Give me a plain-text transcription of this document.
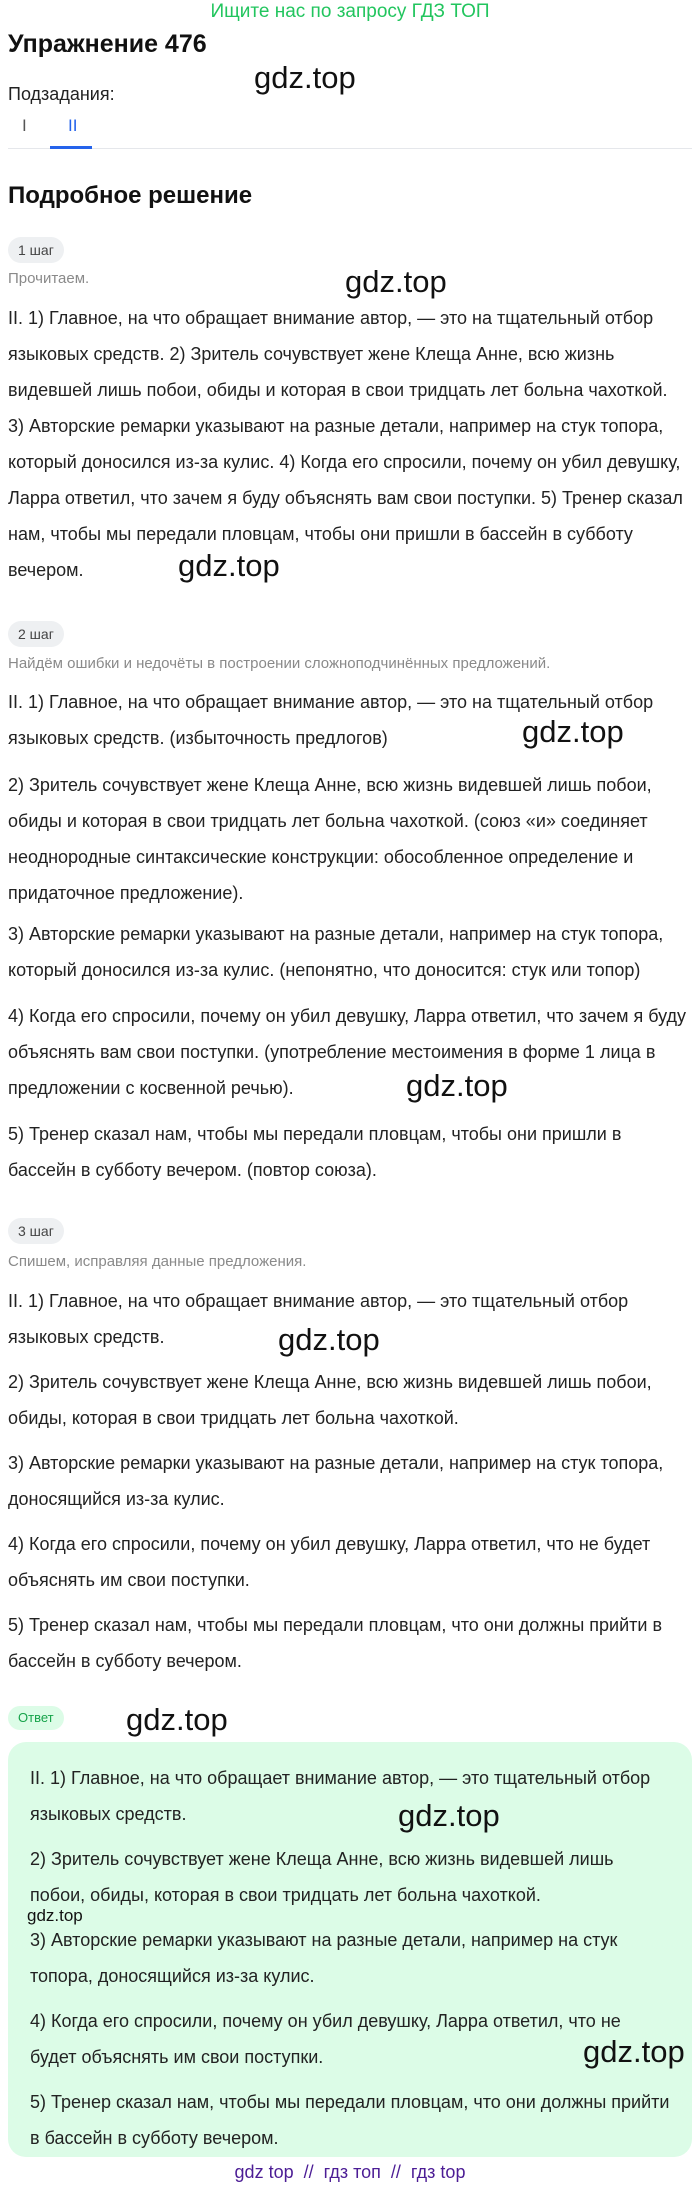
Ищите нас по запросу ГДЗ ТОП
Упражнение 476
Подзадания:
I II
Подробное решение
1 шаг
Прочитаем.

II. 1) Главное, на что обращает внимание автор, — это на тщательный отбор языковых средств. 2) Зритель сочувствует жене Клеща Анне, всю жизнь видевшей лишь побои, обиды и которая в свои тридцать лет больна чахоткой. 3) Авторские ремарки указывают на разные детали, например на стук топора, который доносился из-за кулис. 4) Когда его спросили, почему он убил девушку, Ларра ответил, что зачем я буду объяснять вам свои поступки. 5) Тренер сказал нам, чтобы мы передали пловцам, чтобы они пришли в бассейн в субботу вечером.

2 шаг
Найдём ошибки и недочёты в построении сложноподчинённых предложений.

II. 1) Главное, на что обращает внимание автор, — это на тщательный отбор языковых средств. (избыточность предлогов)

2) Зритель сочувствует жене Клеща Анне, всю жизнь видевшей лишь побои, обиды и которая в свои тридцать лет больна чахоткой. (союз «и» соединяет неоднородные синтаксические конструкции: обособленное определение и придаточное предложение).

3) Авторские ремарки указывают на разные детали, например на стук топора, который доносился из-за кулис. (непонятно, что доносится: стук или топор)

4) Когда его спросили, почему он убил девушку, Ларра ответил, что зачем я буду объяснять вам свои поступки. (употребление местоимения в форме 1 лица в предложении с косвенной речью).

5) Тренер сказал нам, чтобы мы передали пловцам, чтобы они пришли в бассейн в субботу вечером. (повтор союза).

3 шаг
Спишем, исправляя данные предложения.

II. 1) Главное, на что обращает внимание автор, — это тщательный отбор языковых средств.

2) Зритель сочувствует жене Клеща Анне, всю жизнь видевшей лишь побои, обиды, которая в свои тридцать лет больна чахоткой.

3) Авторские ремарки указывают на разные детали, например на стук топора, доносящийся из-за кулис.

4) Когда его спросили, почему он убил девушку, Ларра ответил, что не будет объяснять им свои поступки.

5) Тренер сказал нам, чтобы мы передали пловцам, что они должны прийти в бассейн в субботу вечером.

Ответ

II. 1) Главное, на что обращает внимание автор, — это тщательный отбор языковых средств.

2) Зритель сочувствует жене Клеща Анне, всю жизнь видевшей лишь побои, обиды, которая в свои тридцать лет больна чахоткой.

3) Авторские ремарки указывают на разные детали, например на стук топора, доносящийся из-за кулис.

4) Когда его спросили, почему он убил девушку, Ларра ответил, что не будет объяснять им свои поступки.

5) Тренер сказал нам, чтобы мы передали пловцам, что они должны прийти в бассейн в субботу вечером.

gdz.top
gdz.top
gdz.top
gdz.top
gdz.top
gdz.top
gdz.top
gdz.top
gdz.top
gdz.top
gdz top  //  гдз топ  //  гдз top
